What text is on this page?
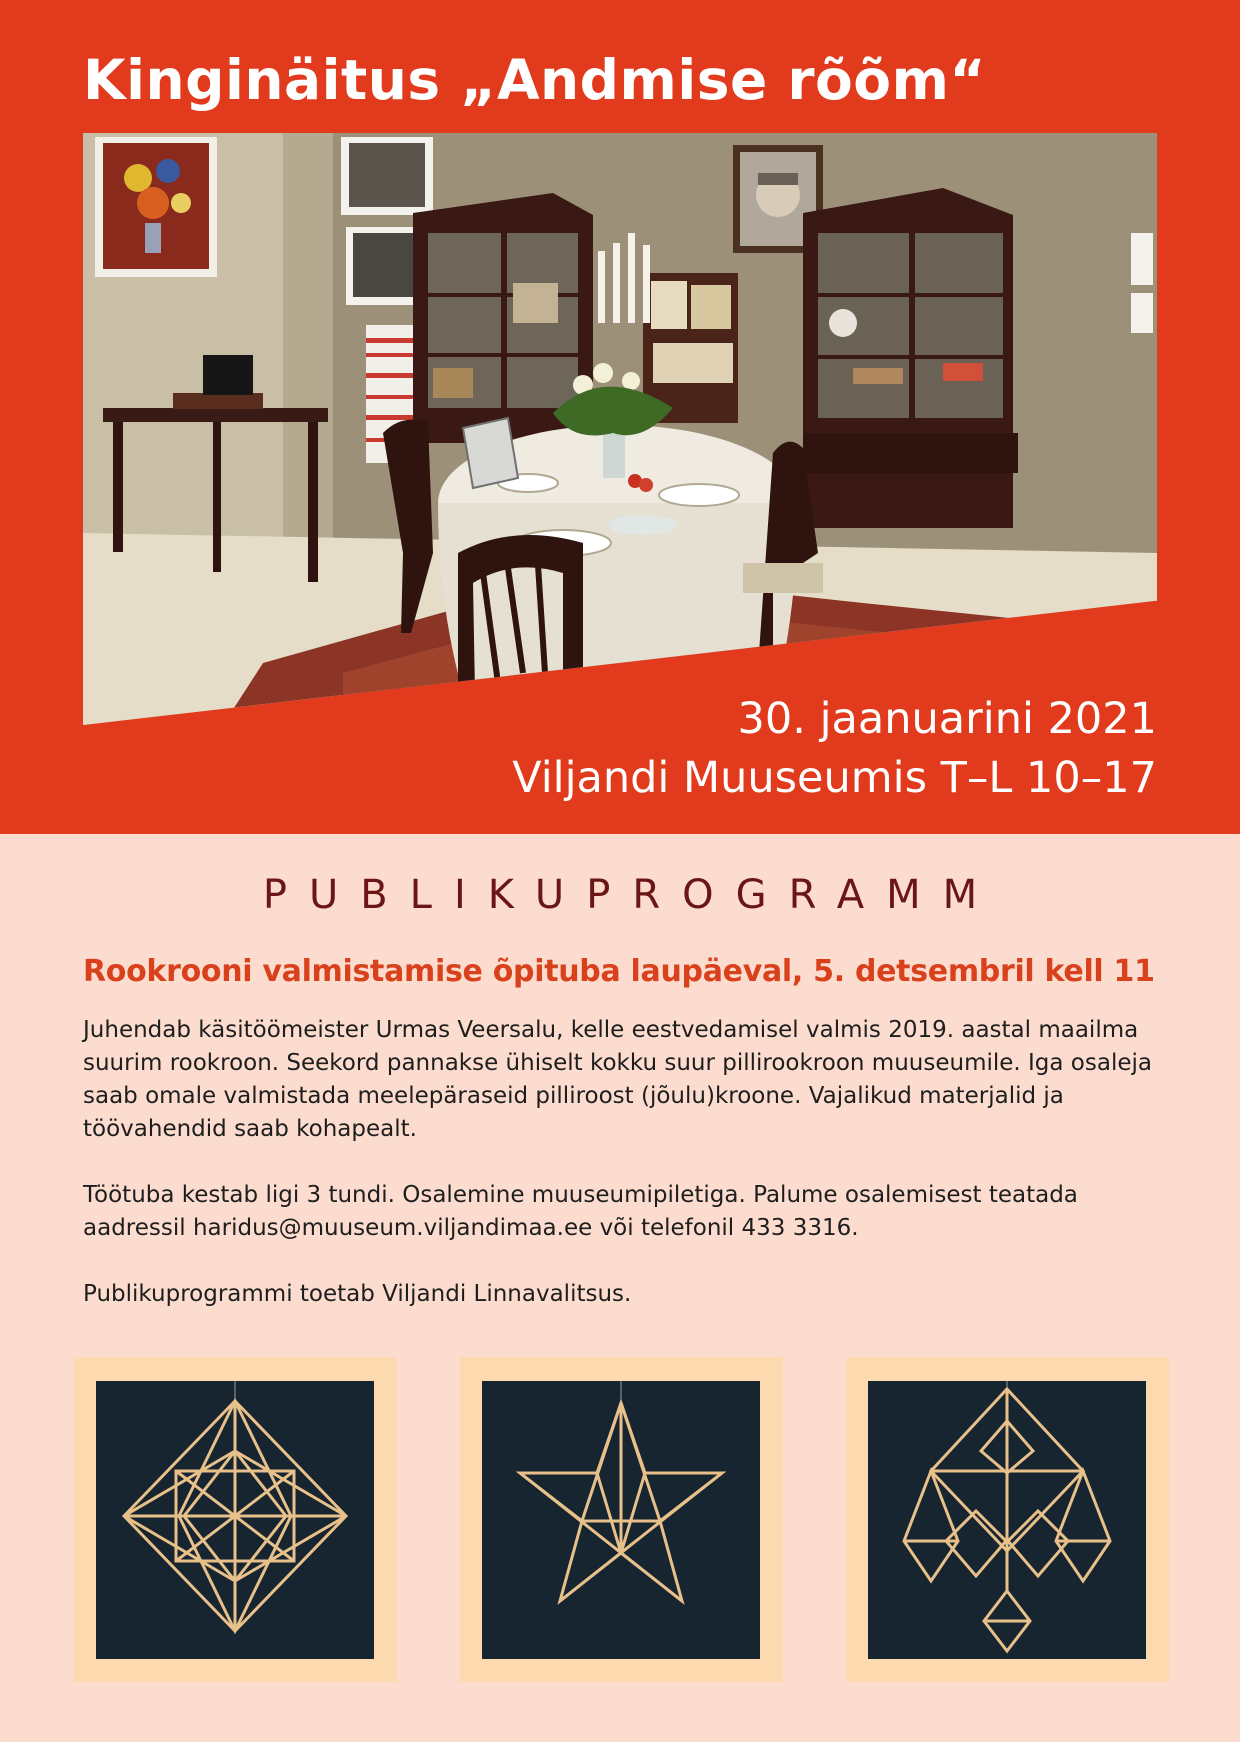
Kinginäitus „Andmise rõõm“
30. jaanuarini 2021
Viljandi Muuseumis T–L 10–17
PUBLIKUPROGRAMM
Rookrooni valmistamise õpituba laupäeval, 5. detsembril kell 11

Juhendab käsitöömeister Urmas Veersalu, kelle eestvedamisel valmis 2019. aastal maailma suurim rookroon. Seekord pannakse ühiselt kokku suur pillirookroon muuseumile. Iga osaleja saab omale valmistada meelepäraseid pilliroost (jõulu)kroone. Vajalikud materjalid ja töövahendid saab kohapealt.

Töötuba kestab ligi 3 tundi. Osalemine muuseumipiletiga. Palume osalemisest teatada aadressil haridus@muuseum.viljandimaa.ee või telefonil 433 3316.

Publikuprogrammi toetab Viljandi Linnavalitsus.
